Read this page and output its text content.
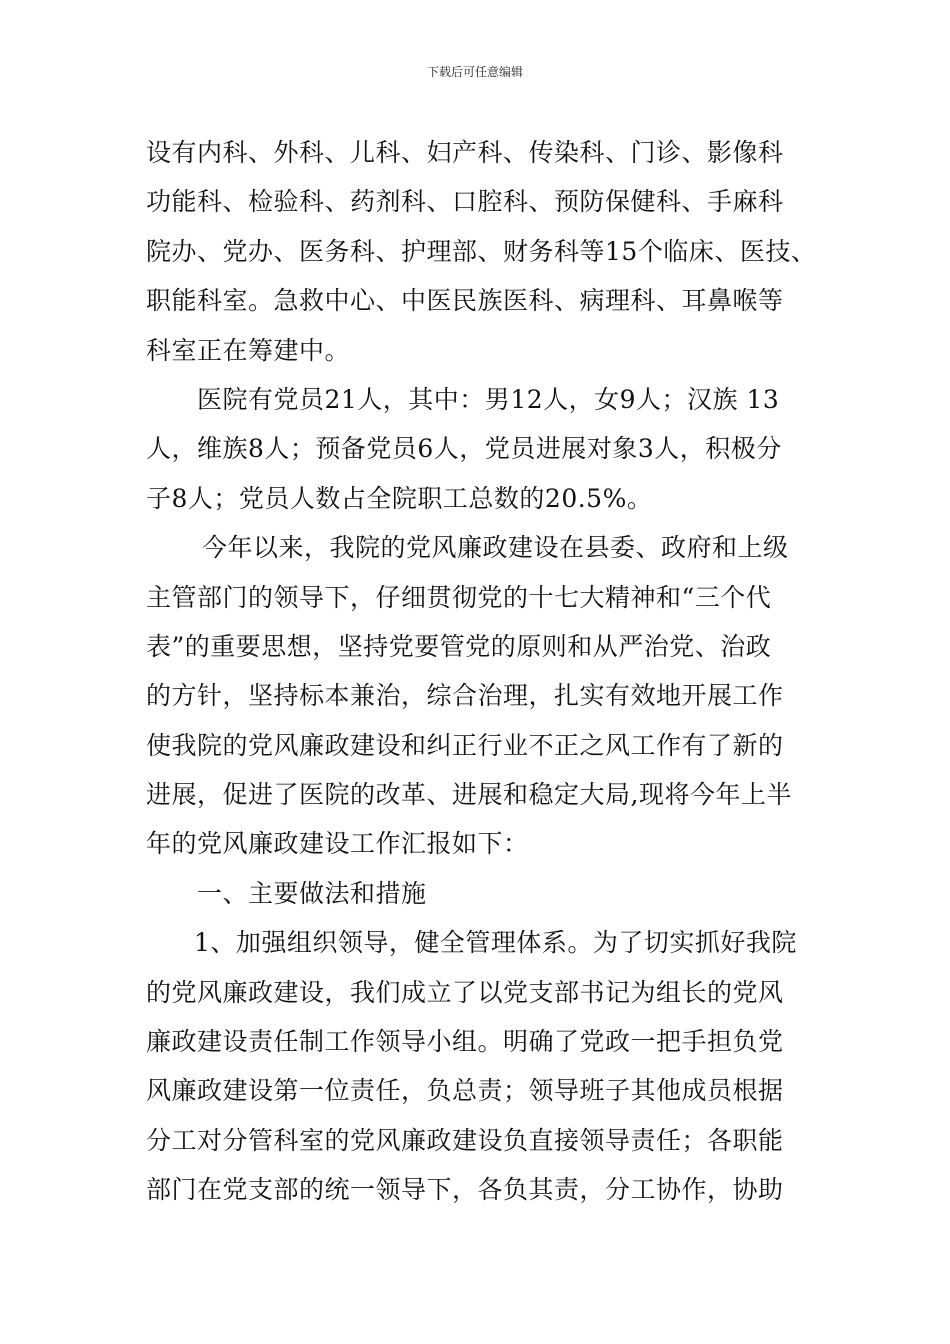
下载后可任意编辑
设有内科、外科、儿科、妇产科、传染科、门诊、影像科
功能科、检验科、药剂科、口腔科、预防保健科、手麻科
院办、党办、医务科、护理部、财务科等15个临床、医技、
职能科室。急救中心、中医民族医科、病理科、耳鼻喉等
科室正在筹建中。
医院有党员21人，其中：男12人，女9人；汉族 13
人，维族8人；预备党员6人，党员进展对象3人，积极分
子8人；党员人数占全院职工总数的20.5%。
今年以来，我院的党风廉政建设在县委、政府和上级
主管部门的领导下，仔细贯彻党的十七大精神和“三个代
表”的重要思想，坚持党要管党的原则和从严治党、治政
的方针，坚持标本兼治，综合治理，扎实有效地开展工作
使我院的党风廉政建设和纠正行业不正之风工作有了新的
进展，促进了医院的改革、进展和稳定大局,现将今年上半
年的党风廉政建设工作汇报如下：
一、主要做法和措施
1、加强组织领导，健全管理体系。为了切实抓好我院
的党风廉政建设，我们成立了以党支部书记为组长的党风
廉政建设责任制工作领导小组。明确了党政一把手担负党
风廉政建设第一位责任，负总责；领导班子其他成员根据
分工对分管科室的党风廉政建设负直接领导责任；各职能
部门在党支部的统一领导下，各负其责，分工协作，协助
